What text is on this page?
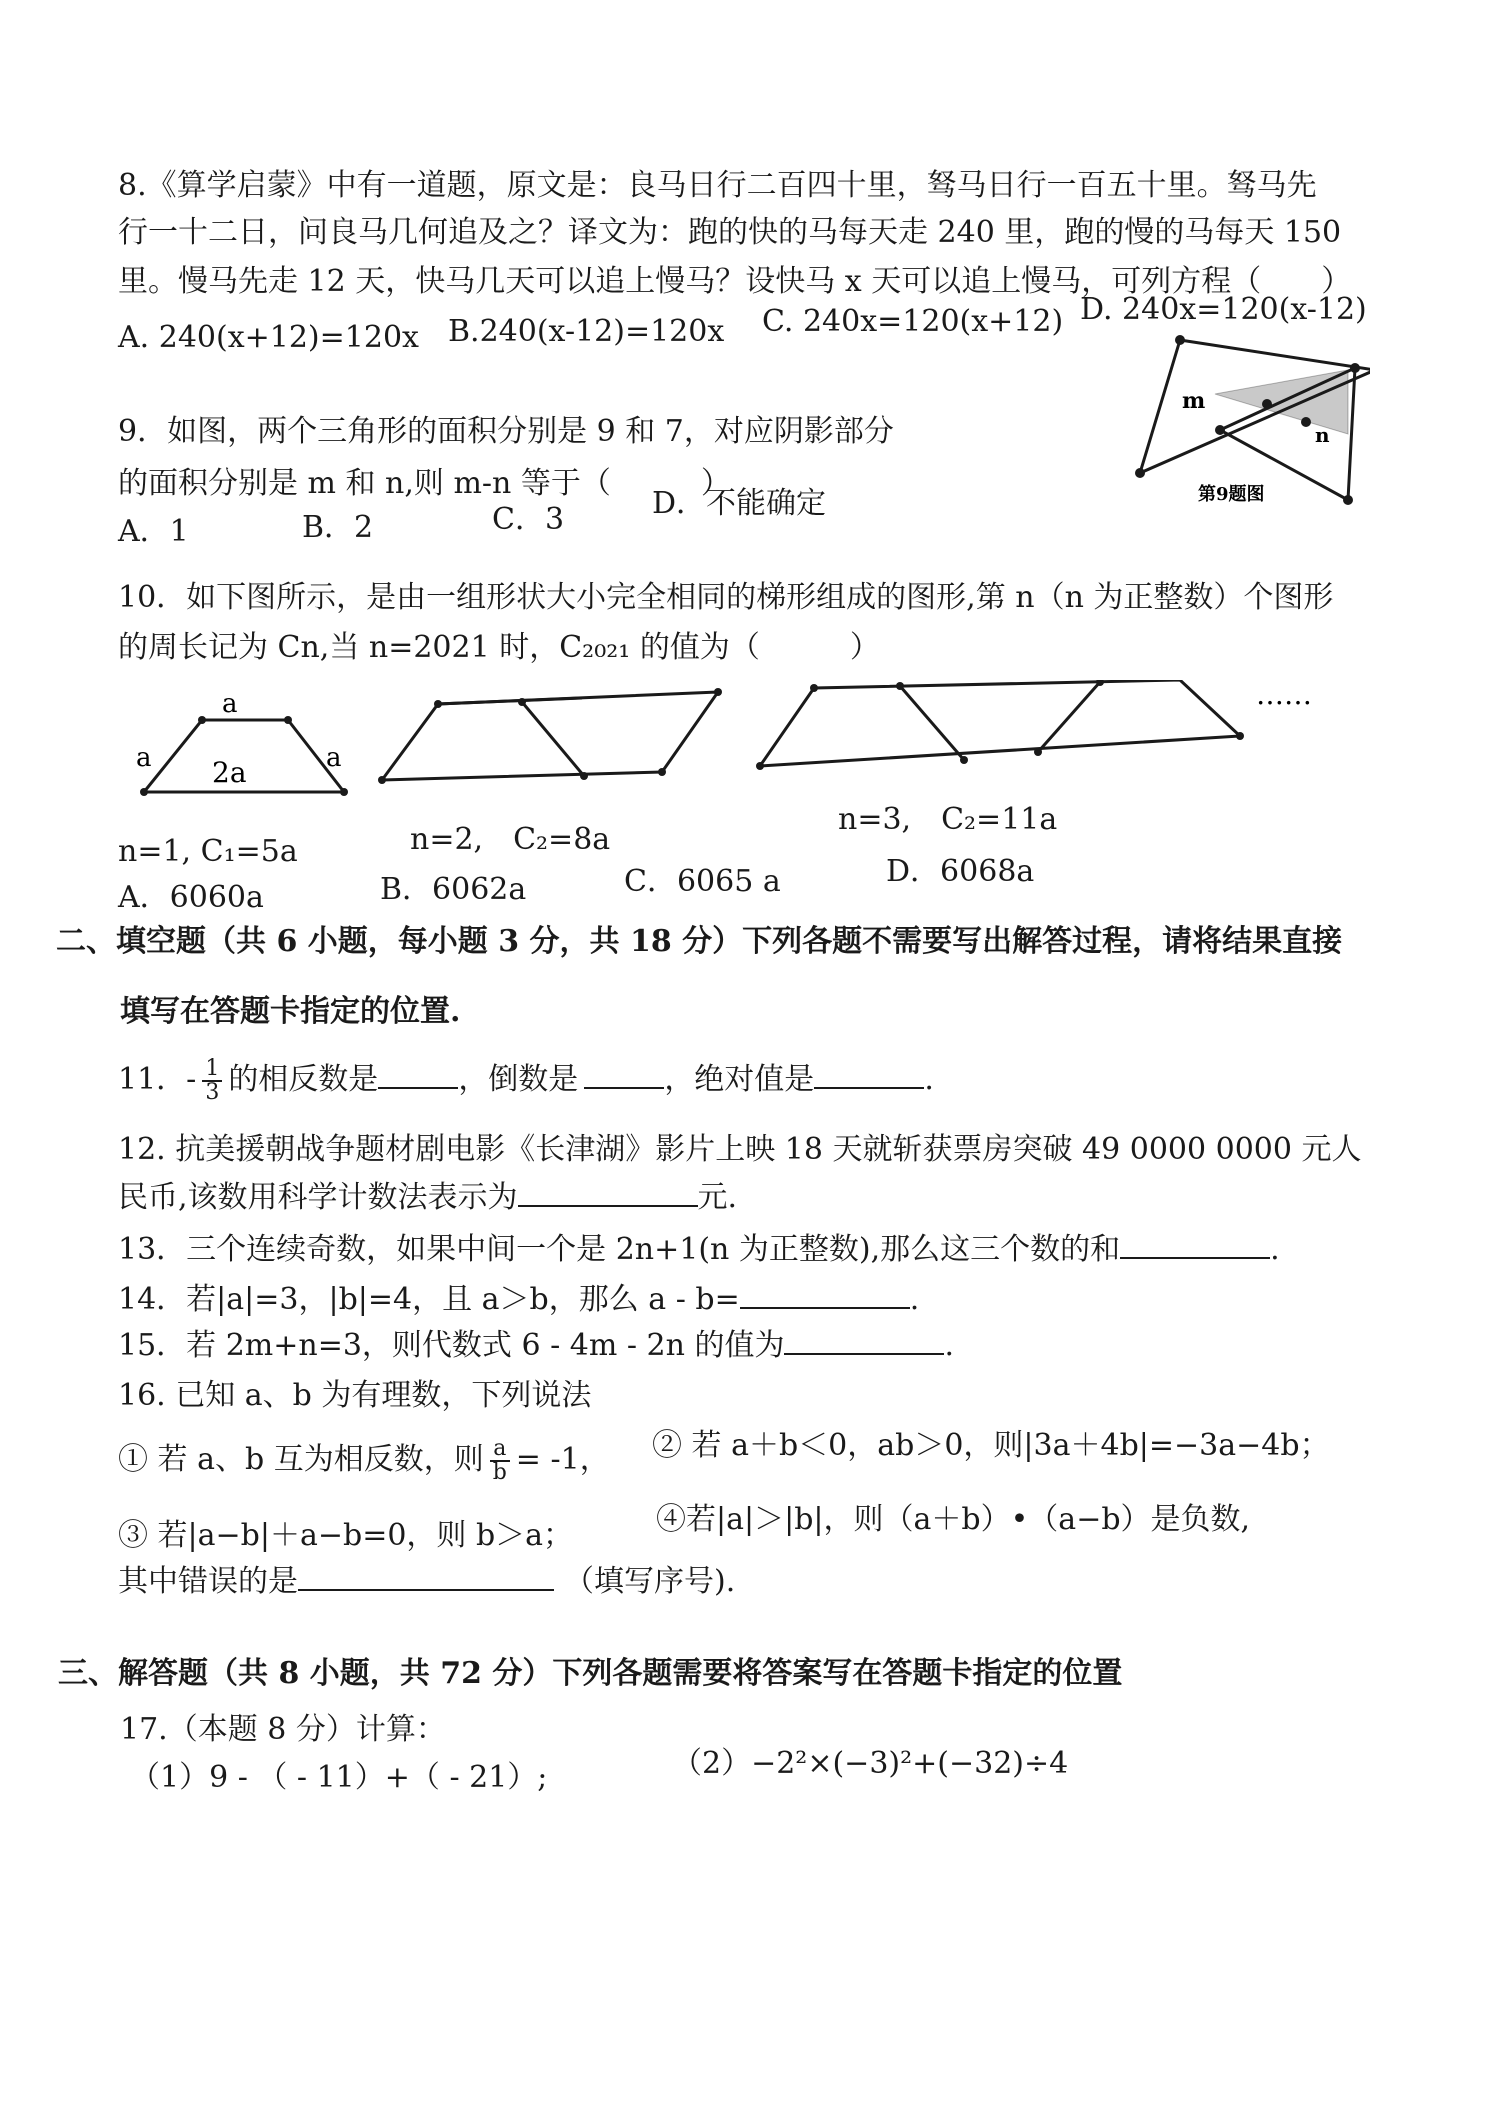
8.《算学启蒙》中有一道题，原文是：良马日行二百四十里，驽马日行一百五十里。驽马先
行一十二日，问良马几何追及之？译文为：跑的快的马每天走 240 里，跑的慢的马每天 150
里。慢马先走 12 天，快马几天可以追上慢马？设快马 x 天可以追上慢马，可列方程（　　）
A. 240(x+12)=120x B.240(x-12)=120x C. 240x=120(x+12) D. 240x=120(x-12)
9．如图，两个三角形的面积分别是 9 和 7，对应阴影部分
的面积分别是 m 和 n,则 m-n 等于（　　　）
A．1	B．2	C．3	D．不能确定
m
n
第9题图
10．如下图所示，是由一组形状大小完全相同的梯形组成的图形,第 n（n 为正整数）个图形
的周长记为 Cn,当 n=2021 时，C₂₀₂₁ 的值为（　　　）
a
a	a
2a
……
n=1, C₁=5a	n=2,　C₂=8a
n=3,　C₂=11a
A．6060a	B．6062a	C．6065 a	D．6068a
二、填空题（共 6 小题，每小题 3 分，共 18 分）下列各题不需要写出解答过程，请将结果直接
填写在答题卡指定的位置.
11．- $\frac{1}{3}$ 的相反数是	，倒数是	，绝对值是	.
12. 抗美援朝战争题材剧电影《长津湖》影片上映 18 天就斩获票房突破 49 0000 0000 元人
民币,该数用科学计数法表示为	元.
13．三个连续奇数，如果中间一个是 2n+1(n 为正整数),那么这三个数的和	.
14．若|a|=3，|b|=4，且 a＞b，那么 a - b=	.
15．若 2m+n=3，则代数式 6 - 4m - 2n 的值为	.
16. 已知 a、b 为有理数，下列说法
① 若 a、b 互为相反数，则 $\frac{a}{b} = -1$， ② 若 a＋b＜0，ab＞0，则|3a＋4b|=−3a−4b；
③ 若|a−b|＋a−b=0，则 b＞a；	④若|a|＞|b|，则（a＋b）•（a−b）是负数,
其中错误的是	（填写序号).
三、解答题（共 8 小题，共 72 分）下列各题需要将答案写在答题卡指定的位置
17.（本题 8 分）计算：
（1）9 - （ - 11）+（ - 21）;	（2）−2²×(−3)²+(−32)÷4
